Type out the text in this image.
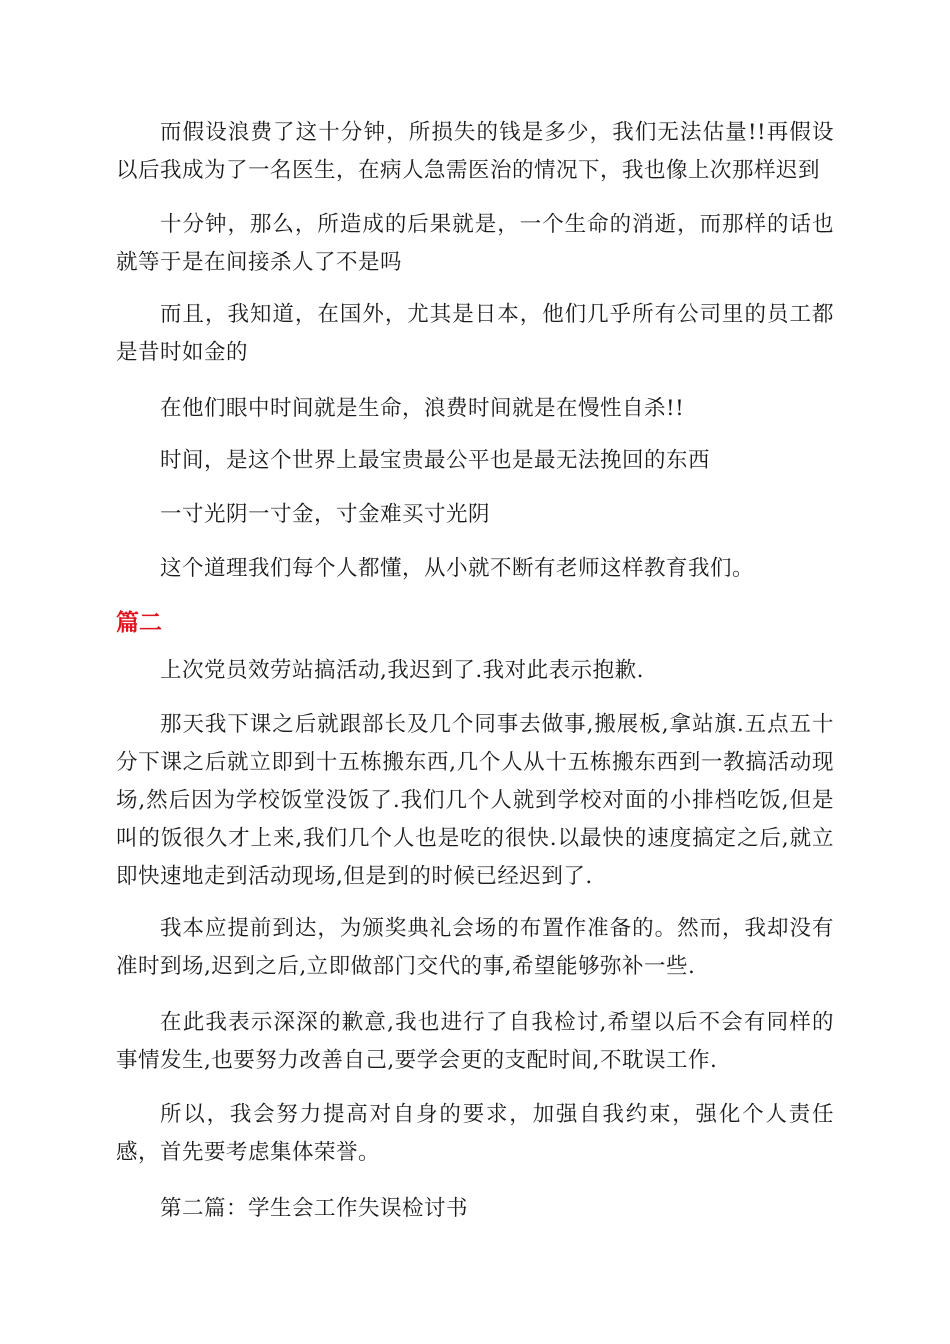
而假设浪费了这十分钟，所损失的钱是多少，我们无法估量!!再假设以后我成为了一名医生，在病人急需医治的情况下，我也像上次那样迟到

十分钟，那么，所造成的后果就是，一个生命的消逝，而那样的话也就等于是在间接杀人了不是吗

而且，我知道，在国外，尤其是日本，他们几乎所有公司里的员工都是昔时如金的

在他们眼中时间就是生命，浪费时间就是在慢性自杀!!

时间，是这个世界上最宝贵最公平也是最无法挽回的东西

一寸光阴一寸金，寸金难买寸光阴

这个道理我们每个人都懂，从小就不断有老师这样教育我们。

篇二

上次党员效劳站搞活动,我迟到了.我对此表示抱歉.

那天我下课之后就跟部长及几个同事去做事,搬展板,拿站旗.五点五十分下课之后就立即到十五栋搬东西,几个人从十五栋搬东西到一教搞活动现场,然后因为学校饭堂没饭了.我们几个人就到学校对面的小排档吃饭,但是叫的饭很久才上来,我们几个人也是吃的很快.以最快的速度搞定之后,就立即快速地走到活动现场,但是到的时候已经迟到了.

我本应提前到达，为颁奖典礼会场的布置作准备的。然而，我却没有准时到场,迟到之后,立即做部门交代的事,希望能够弥补一些.

在此我表示深深的歉意,我也进行了自我检讨,希望以后不会有同样的事情发生,也要努力改善自己,要学会更的支配时间,不耽误工作.

所以，我会努力提高对自身的要求，加强自我约束，强化个人责任感，首先要考虑集体荣誉。

第二篇：学生会工作失误检讨书
